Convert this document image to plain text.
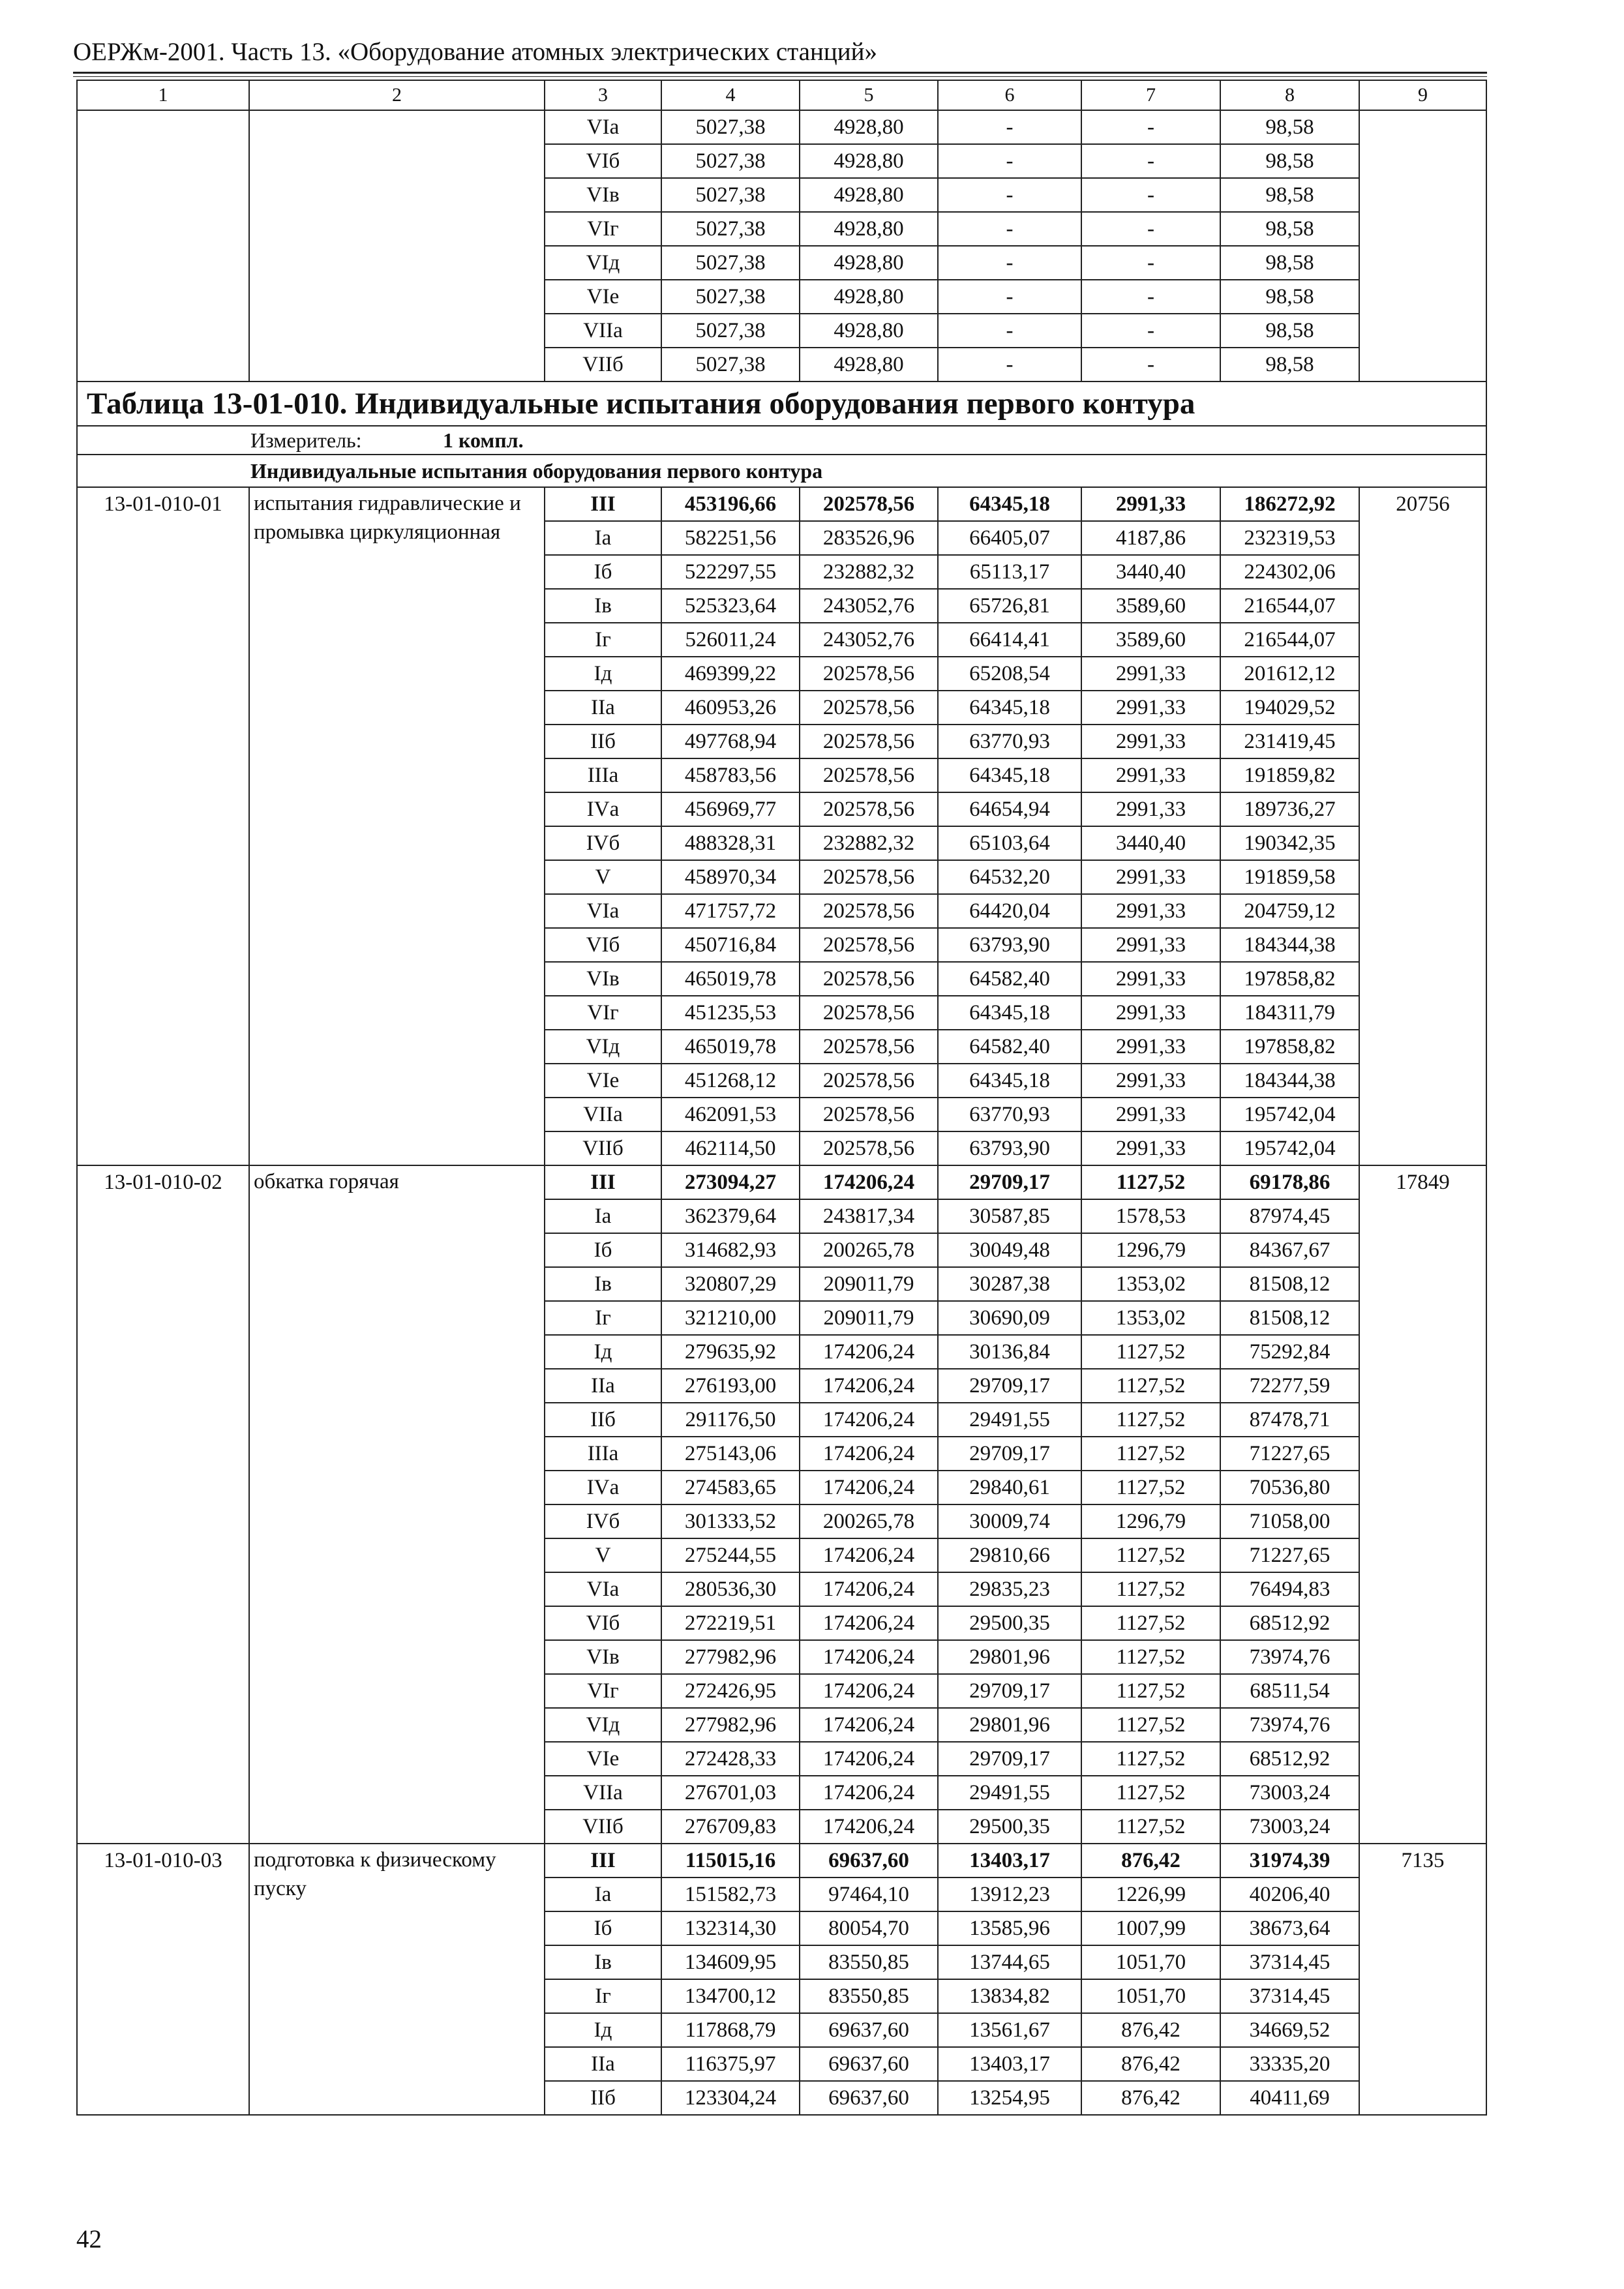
ОЕРЖм-2001. Часть 13. «Оборудование атомных электрических станций»
1	2	3	4	5	6	7	8	9
		VIа	5027,38	4928,80	-	-	98,58	
		VIб	5027,38	4928,80	-	-	98,58	
		VIв	5027,38	4928,80	-	-	98,58	
		VIг	5027,38	4928,80	-	-	98,58	
		VIд	5027,38	4928,80	-	-	98,58	
		VIе	5027,38	4928,80	-	-	98,58	
		VIIа	5027,38	4928,80	-	-	98,58	
		VIIб	5027,38	4928,80	-	-	98,58	
Таблица 13-01-010. Индивидуальные испытания оборудования первого контура								
Измеритель: 1 компл.								
Индивидуальные испытания оборудования первого контура								
13-01-010-01	испытания гидравлические и промывка циркуляционная	III	453196,66	202578,56	64345,18	2991,33	186272,92	20756
		Iа	582251,56	283526,96	66405,07	4187,86	232319,53	
		Iб	522297,55	232882,32	65113,17	3440,40	224302,06	
		Iв	525323,64	243052,76	65726,81	3589,60	216544,07	
		Iг	526011,24	243052,76	66414,41	3589,60	216544,07	
		Iд	469399,22	202578,56	65208,54	2991,33	201612,12	
		IIа	460953,26	202578,56	64345,18	2991,33	194029,52	
		IIб	497768,94	202578,56	63770,93	2991,33	231419,45	
		IIIа	458783,56	202578,56	64345,18	2991,33	191859,82	
		IVа	456969,77	202578,56	64654,94	2991,33	189736,27	
		IVб	488328,31	232882,32	65103,64	3440,40	190342,35	
		V	458970,34	202578,56	64532,20	2991,33	191859,58	
		VIа	471757,72	202578,56	64420,04	2991,33	204759,12	
		VIб	450716,84	202578,56	63793,90	2991,33	184344,38	
		VIв	465019,78	202578,56	64582,40	2991,33	197858,82	
		VIг	451235,53	202578,56	64345,18	2991,33	184311,79	
		VIд	465019,78	202578,56	64582,40	2991,33	197858,82	
		VIе	451268,12	202578,56	64345,18	2991,33	184344,38	
		VIIа	462091,53	202578,56	63770,93	2991,33	195742,04	
		VIIб	462114,50	202578,56	63793,90	2991,33	195742,04	
13-01-010-02	обкатка горячая	III	273094,27	174206,24	29709,17	1127,52	69178,86	17849
		Iа	362379,64	243817,34	30587,85	1578,53	87974,45	
		Iб	314682,93	200265,78	30049,48	1296,79	84367,67	
		Iв	320807,29	209011,79	30287,38	1353,02	81508,12	
		Iг	321210,00	209011,79	30690,09	1353,02	81508,12	
		Iд	279635,92	174206,24	30136,84	1127,52	75292,84	
		IIа	276193,00	174206,24	29709,17	1127,52	72277,59	
		IIб	291176,50	174206,24	29491,55	1127,52	87478,71	
		IIIа	275143,06	174206,24	29709,17	1127,52	71227,65	
		IVа	274583,65	174206,24	29840,61	1127,52	70536,80	
		IVб	301333,52	200265,78	30009,74	1296,79	71058,00	
		V	275244,55	174206,24	29810,66	1127,52	71227,65	
		VIа	280536,30	174206,24	29835,23	1127,52	76494,83	
		VIб	272219,51	174206,24	29500,35	1127,52	68512,92	
		VIв	277982,96	174206,24	29801,96	1127,52	73974,76	
		VIг	272426,95	174206,24	29709,17	1127,52	68511,54	
		VIд	277982,96	174206,24	29801,96	1127,52	73974,76	
		VIе	272428,33	174206,24	29709,17	1127,52	68512,92	
		VIIа	276701,03	174206,24	29491,55	1127,52	73003,24	
		VIIб	276709,83	174206,24	29500,35	1127,52	73003,24	
13-01-010-03	подготовка к физическому пуску	III	115015,16	69637,60	13403,17	876,42	31974,39	7135
		Iа	151582,73	97464,10	13912,23	1226,99	40206,40	
		Iб	132314,30	80054,70	13585,96	1007,99	38673,64	
		Iв	134609,95	83550,85	13744,65	1051,70	37314,45	
		Iг	134700,12	83550,85	13834,82	1051,70	37314,45	
		Iд	117868,79	69637,60	13561,67	876,42	34669,52	
		IIа	116375,97	69637,60	13403,17	876,42	33335,20	
		IIб	123304,24	69637,60	13254,95	876,42	40411,69	
42
